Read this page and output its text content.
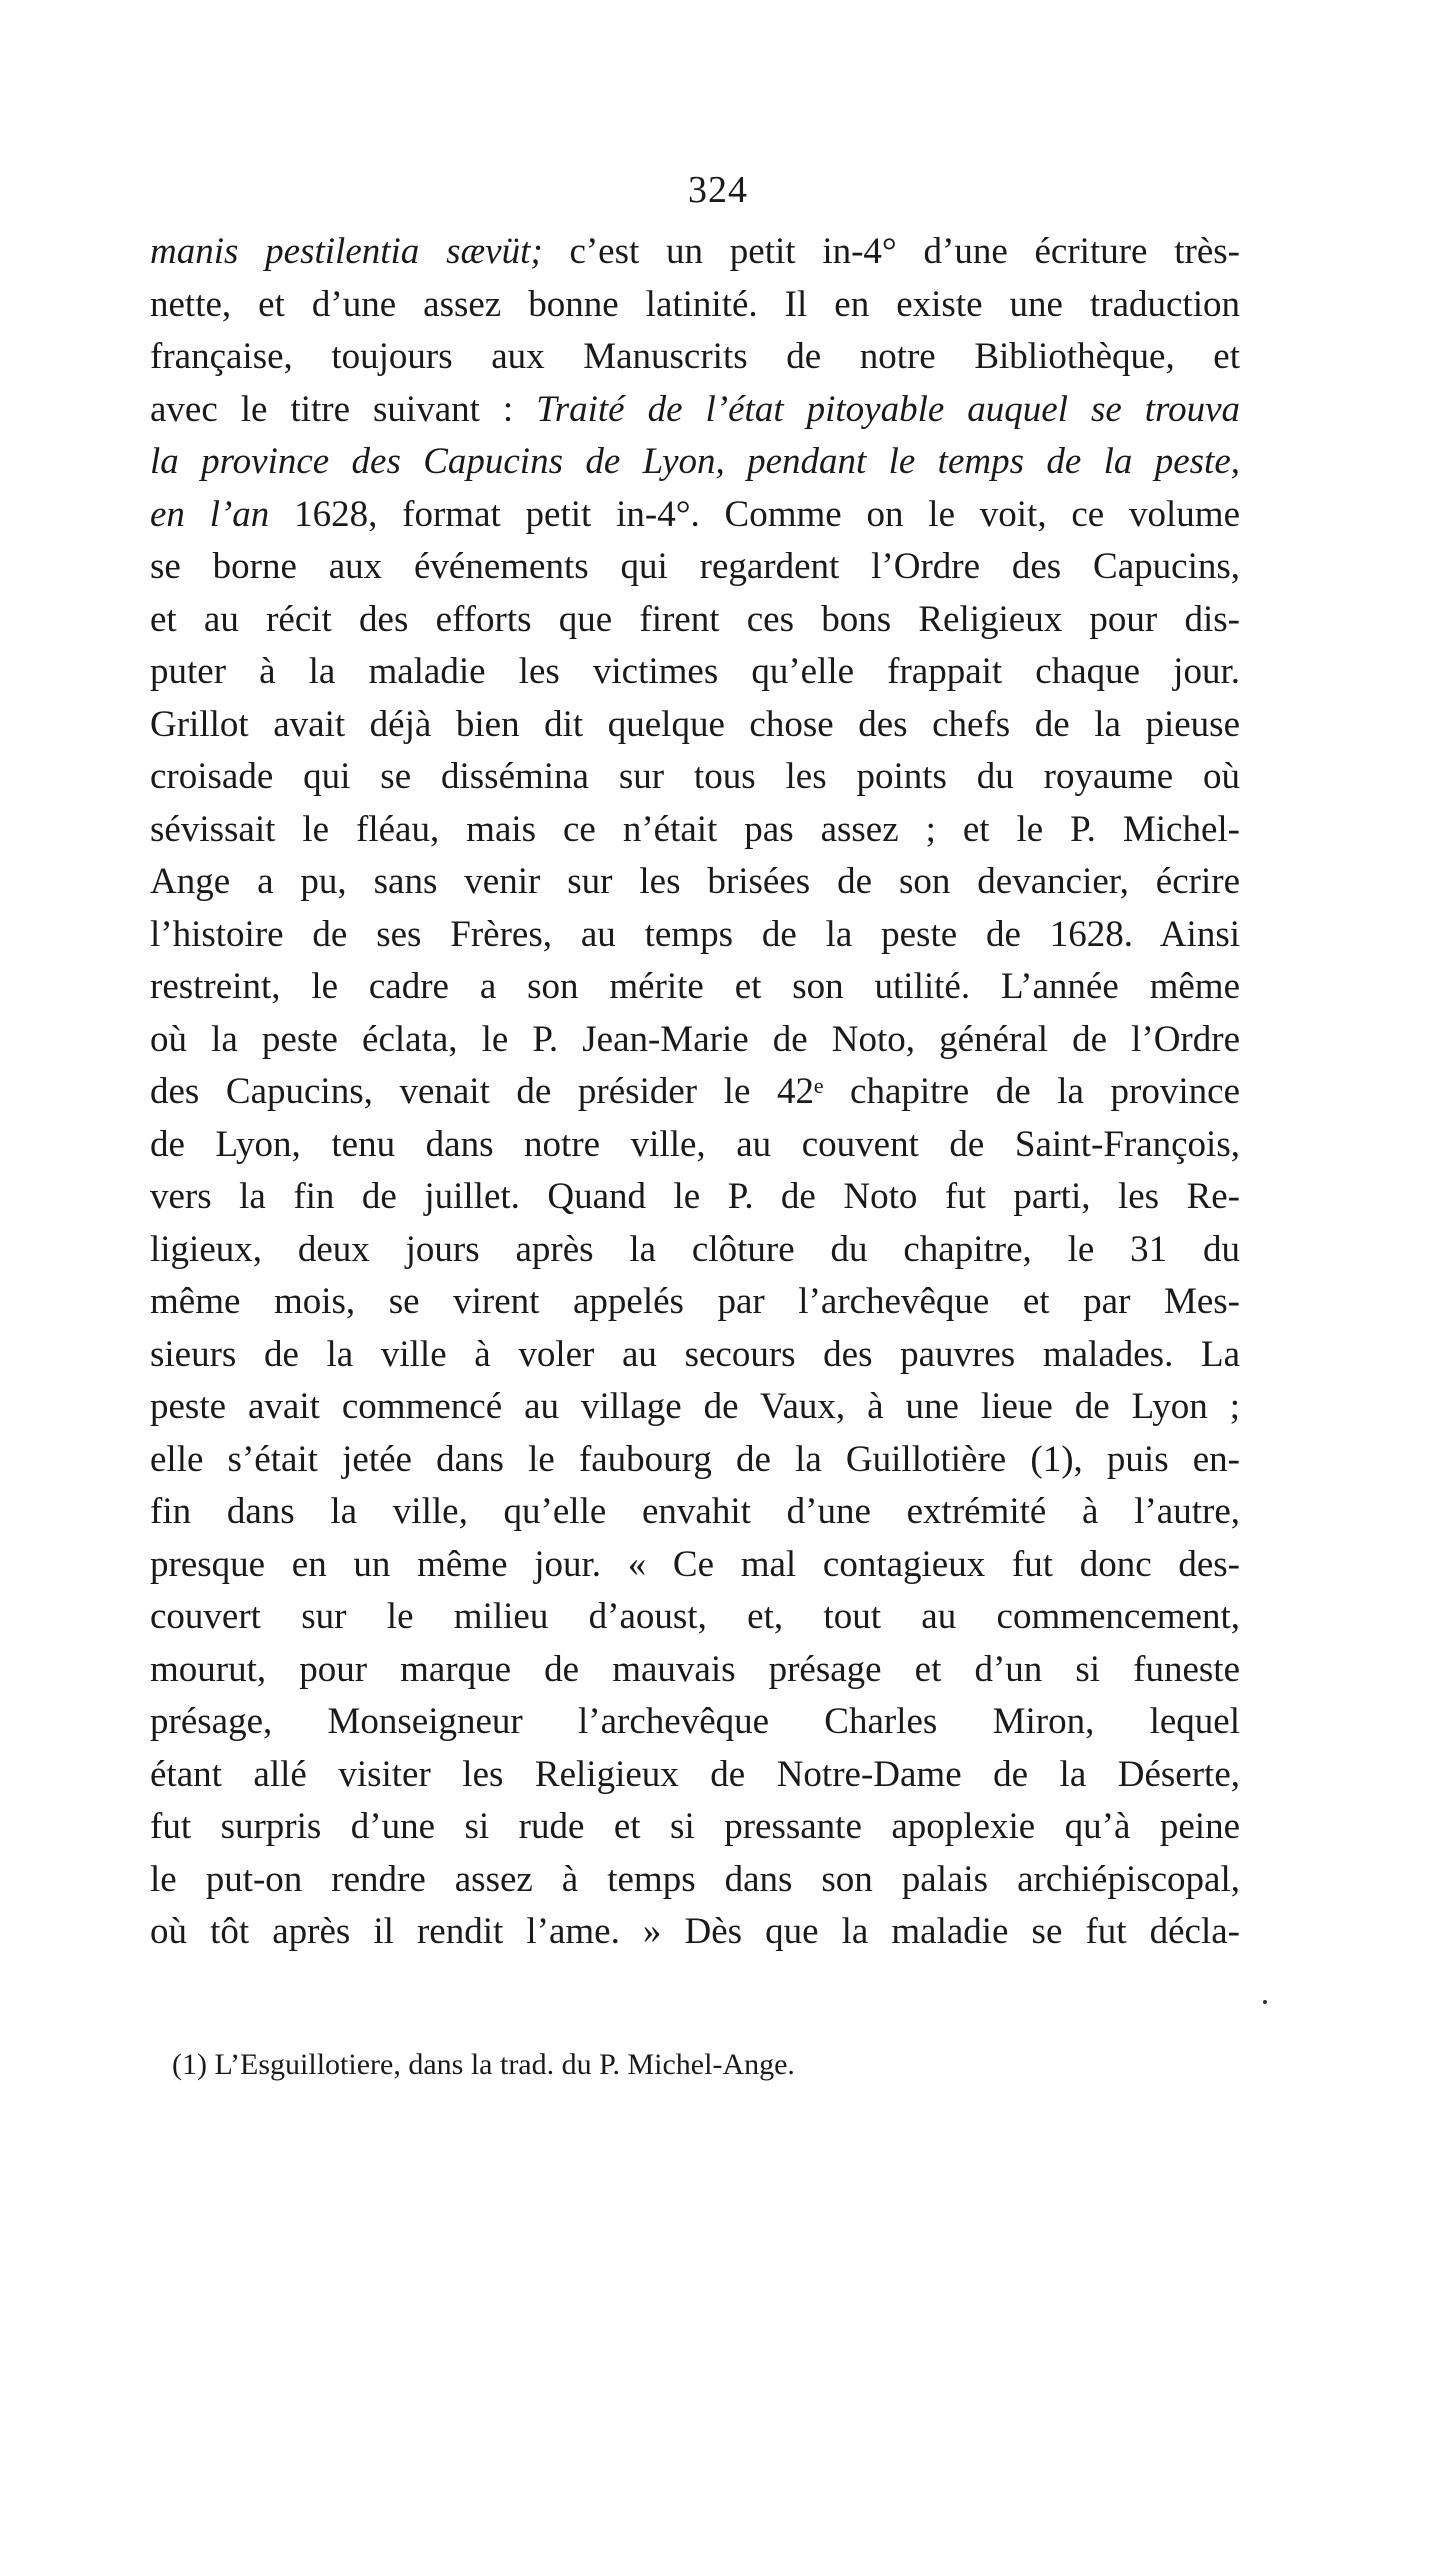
324
manis pestilentia sævüt; c’est un petit in-4° d’une écriture très-
nette, et d’une assez bonne latinité. Il en existe une traduction
française, toujours aux Manuscrits de notre Bibliothèque, et
avec le titre suivant : Traité de l’état pitoyable auquel se trouva
la province des Capucins de Lyon, pendant le temps de la peste,
en l’an 1628, format petit in-4°. Comme on le voit, ce volume
se borne aux événements qui regardent l’Ordre des Capucins,
et au récit des efforts que firent ces bons Religieux pour dis-
puter à la maladie les victimes qu’elle frappait chaque jour.
Grillot avait déjà bien dit quelque chose des chefs de la pieuse
croisade qui se dissémina sur tous les points du royaume où
sévissait le fléau, mais ce n’était pas assez ; et le P. Michel-
Ange a pu, sans venir sur les brisées de son devancier, écrire
l’histoire de ses Frères, au temps de la peste de 1628. Ainsi
restreint, le cadre a son mérite et son utilité. L’année même
où la peste éclata, le P. Jean-Marie de Noto, général de l’Ordre
des Capucins, venait de présider le 42ᵉ chapitre de la province
de Lyon, tenu dans notre ville, au couvent de Saint-François,
vers la fin de juillet. Quand le P. de Noto fut parti, les Re-
ligieux, deux jours après la clôture du chapitre, le 31 du
même mois, se virent appelés par l’archevêque et par Mes-
sieurs de la ville à voler au secours des pauvres malades. La
peste avait commencé au village de Vaux, à une lieue de Lyon ;
elle s’était jetée dans le faubourg de la Guillotière (1), puis en-
fin dans la ville, qu’elle envahit d’une extrémité à l’autre,
presque en un même jour. « Ce mal contagieux fut donc des-
couvert sur le milieu d’aoust, et, tout au commencement,
mourut, pour marque de mauvais présage et d’un si funeste
présage, Monseigneur l’archevêque Charles Miron, lequel
étant allé visiter les Religieux de Notre-Dame de la Déserte,
fut surpris d’une si rude et si pressante apoplexie qu’à peine
le put-on rendre assez à temps dans son palais archiépiscopal,
où tôt après il rendit l’ame. » Dès que la maladie se fut décla-
(1) L’Esguillotiere, dans la trad. du P. Michel-Ange.
